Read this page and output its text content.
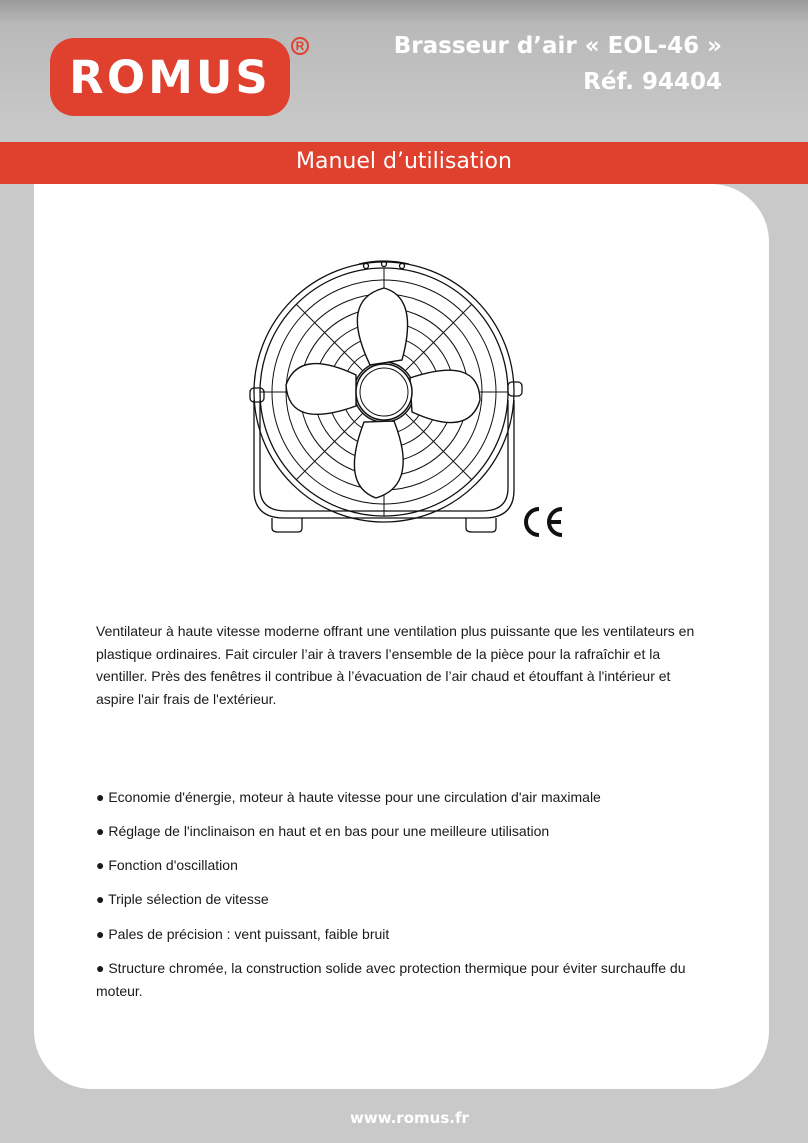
ROMUS
R	Brasseur d’air « EOL-46 »
Réf. 94404
Manuel d’utilisation
Ventilateur à haute vitesse moderne offrant une ventilation plus puissante que les ventilateurs en plastique ordinaires. Fait circuler l’air à travers l’ensemble de la pièce pour la rafraîchir et la ventiller. Près des fenêtres il contribue à l’évacuation de l’air chaud et étouffant à l'intérieur et aspire l'air frais de l'extérieur.
● Economie d'énergie, moteur à haute vitesse pour une circulation d'air maximale
● Réglage de l'inclinaison en haut et en bas pour une meilleure utilisation
● Fonction d'oscillation
● Triple sélection de vitesse
● Pales de précision : vent puissant, faible bruit
● Structure chromée, la construction solide avec protection thermique pour éviter surchauffe du moteur.
www.romus.fr
